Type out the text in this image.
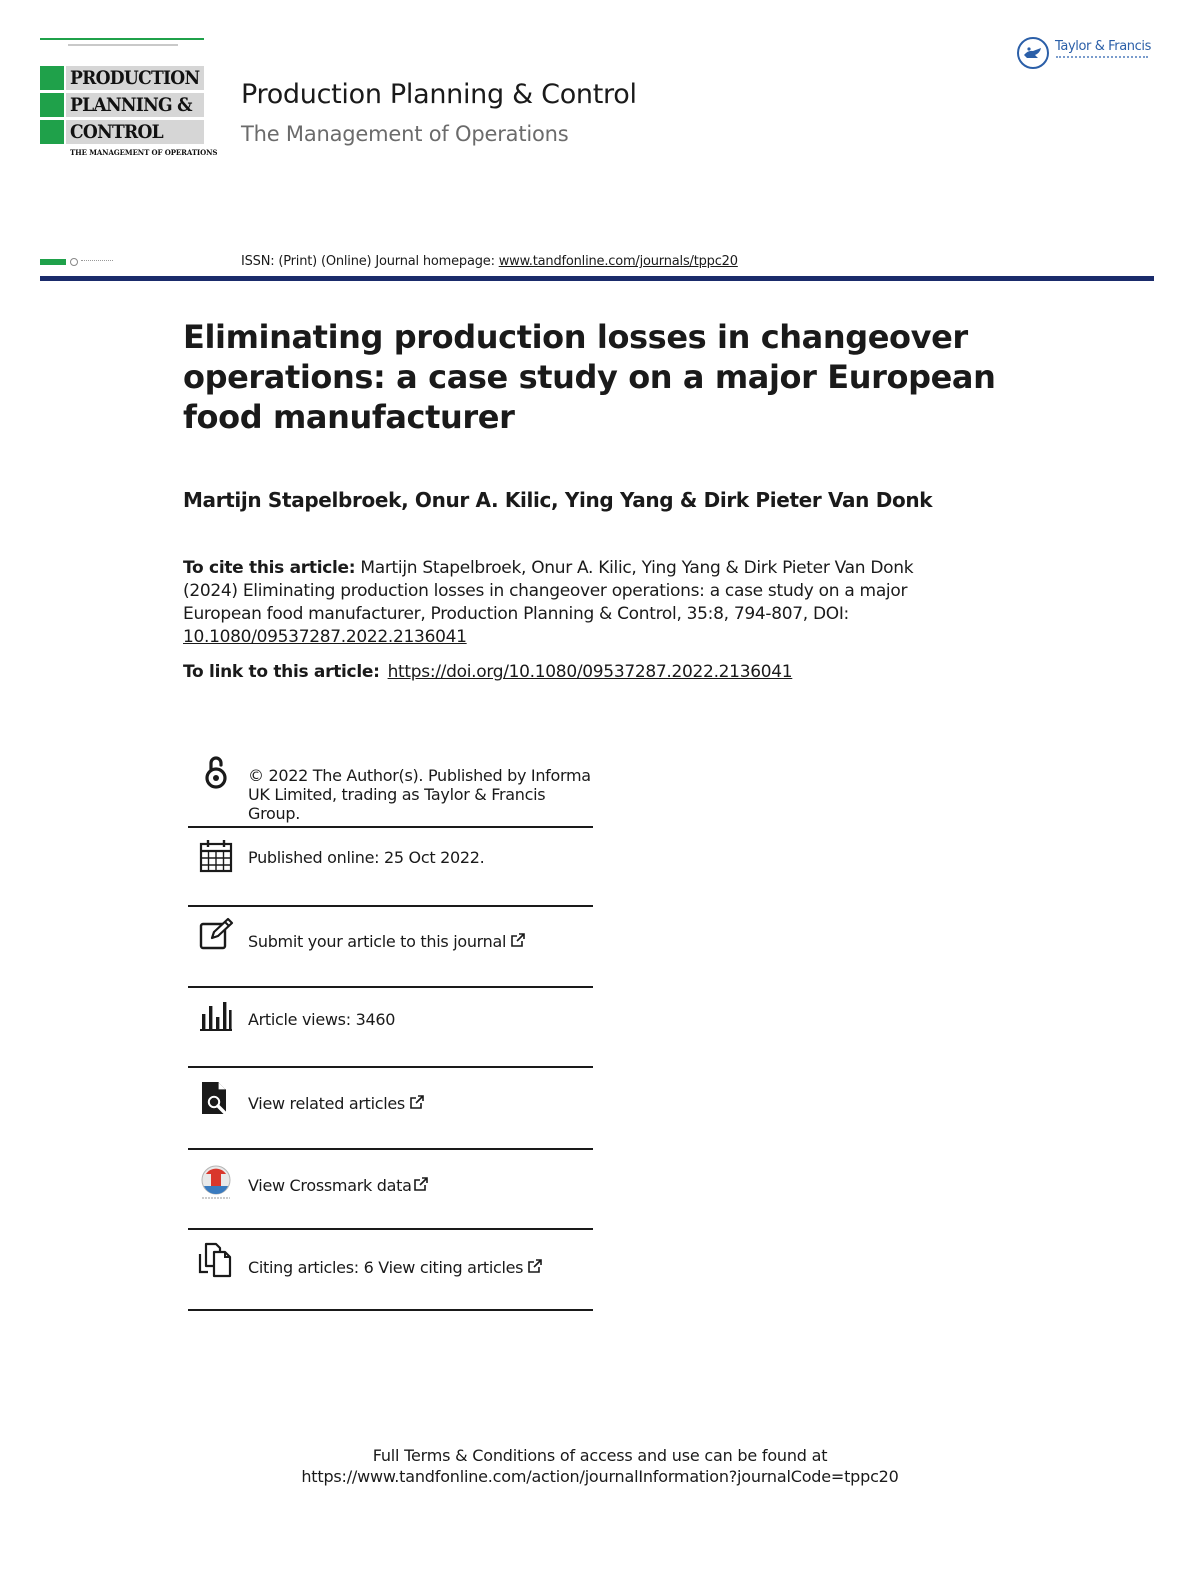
PRODUCTION
PLANNING &
CONTROL
THE MANAGEMENT OF OPERATIONS
Production Planning & Control
The Management of Operations
Taylor & Francis
ISSN: (Print) (Online) Journal homepage: www.tandfonline.com/journals/tppc20
Eliminating production losses in changeover operations: a case study on a major European food manufacturer
Martijn Stapelbroek, Onur A. Kilic, Ying Yang & Dirk Pieter Van Donk
To cite this article: Martijn Stapelbroek, Onur A. Kilic, Ying Yang & Dirk Pieter Van Donk (2024) Eliminating production losses in changeover operations: a case study on a major European food manufacturer, Production Planning & Control, 35:8, 794-807, DOI: 10.1080/09537287.2022.2136041
To link to this article: https://doi.org/10.1080/09537287.2022.2136041
© 2022 The Author(s). Published by Informa UK Limited, trading as Taylor & Francis Group.
Published online: 25 Oct 2022.
Submit your article to this journal
Article views: 3460
View related articles
View Crossmark data
Citing articles: 6 View citing articles
Full Terms & Conditions of access and use can be found at
https://www.tandfonline.com/action/journalInformation?journalCode=tppc20
